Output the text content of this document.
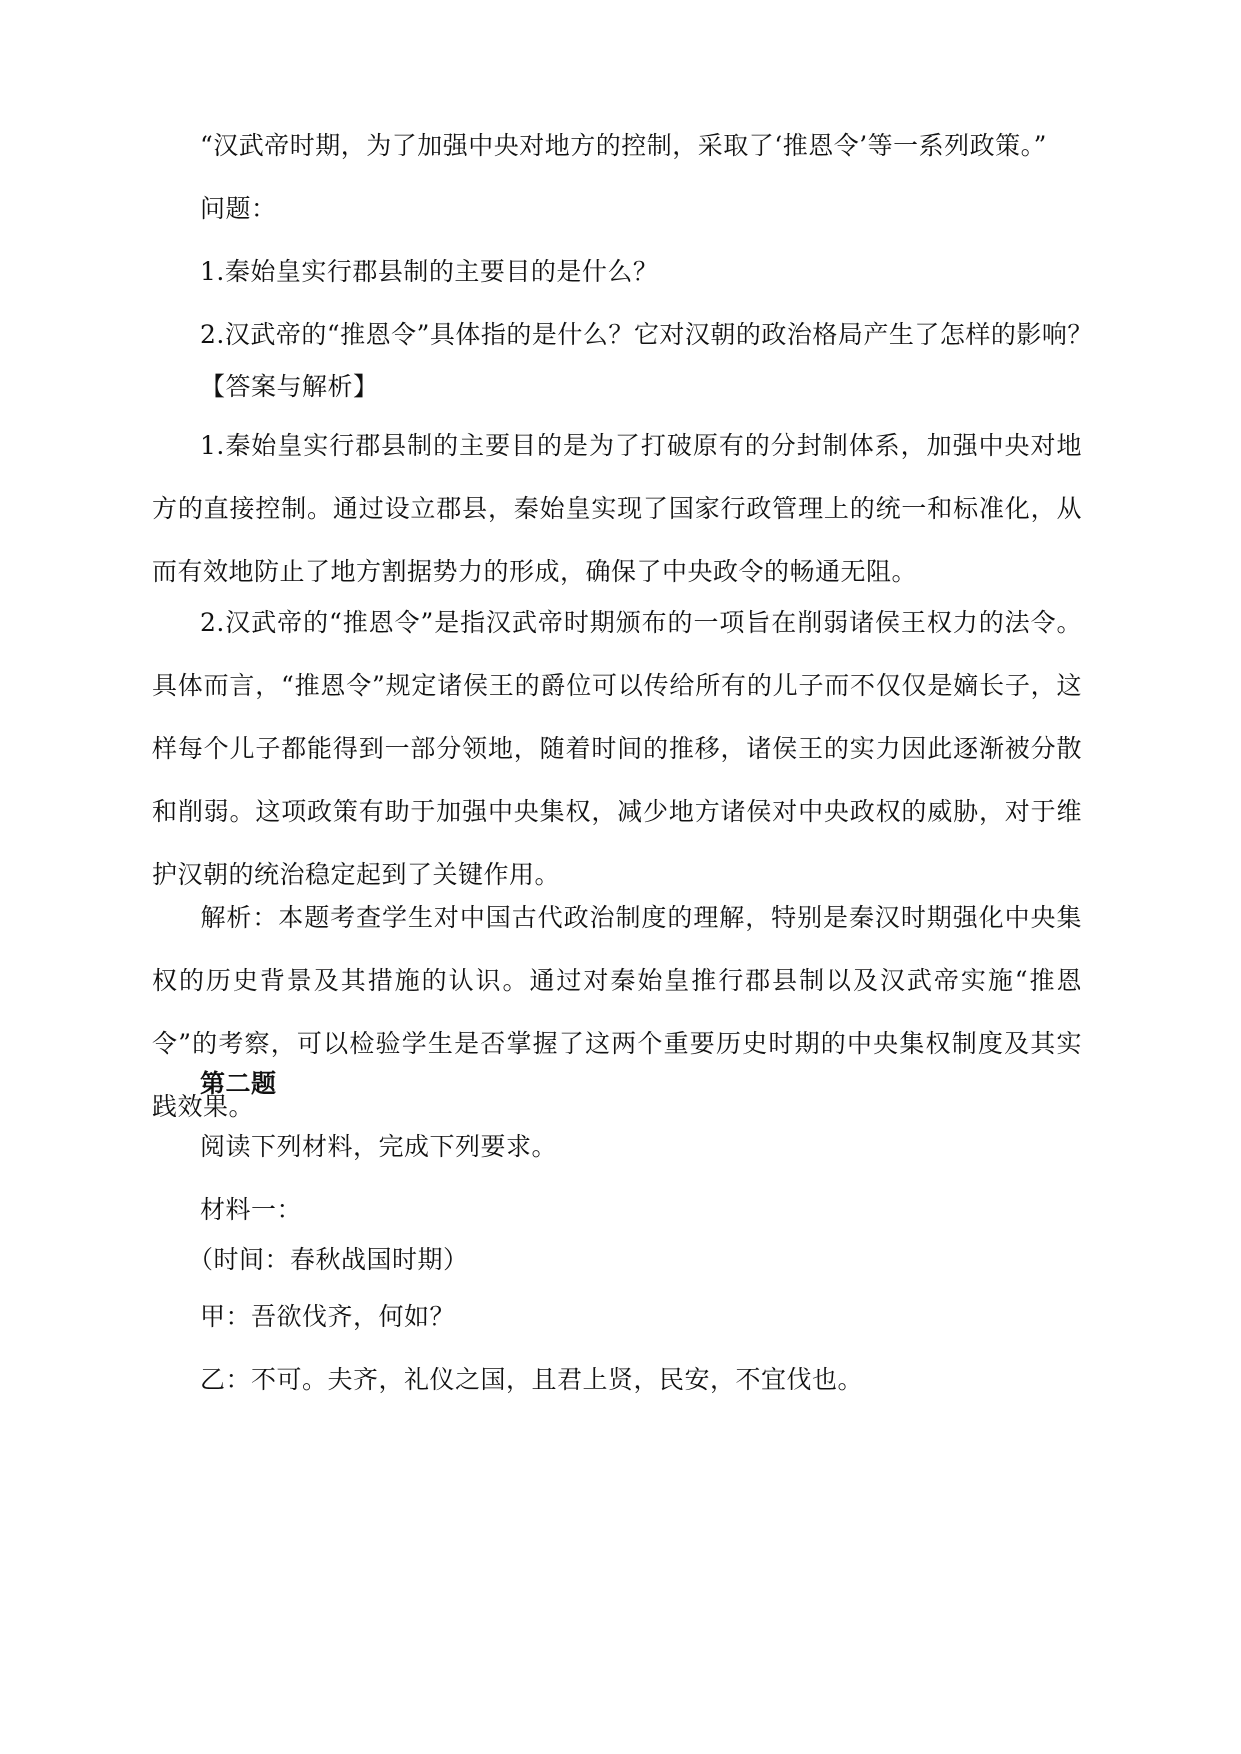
“汉武帝时期，为了加强中央对地方的控制，采取了‘推恩令’等一系列政策。”

问题：

1.秦始皇实行郡县制的主要目的是什么？

2.汉武帝的“推恩令”具体指的是什么？它对汉朝的政治格局产生了怎样的影响？

【答案与解析】

1.秦始皇实行郡县制的主要目的是为了打破原有的分封制体系，加强中央对地方的直接控制。通过设立郡县，秦始皇实现了国家行政管理上的统一和标准化，从而有效地防止了地方割据势力的形成，确保了中央政令的畅通无阻。

2.汉武帝的“推恩令”是指汉武帝时期颁布的一项旨在削弱诸侯王权力的法令。具体而言，“推恩令”规定诸侯王的爵位可以传给所有的儿子而不仅仅是嫡长子，这样每个儿子都能得到一部分领地，随着时间的推移，诸侯王的实力因此逐渐被分散和削弱。这项政策有助于加强中央集权，减少地方诸侯对中央政权的威胁，对于维护汉朝的统治稳定起到了关键作用。

解析：本题考查学生对中国古代政治制度的理解，特别是秦汉时期强化中央集权的历史背景及其措施的认识。通过对秦始皇推行郡县制以及汉武帝实施“推恩令”的考察，可以检验学生是否掌握了这两个重要历史时期的中央集权制度及其实践效果。

第二题

阅读下列材料，完成下列要求。

材料一：

（时间：春秋战国时期）

甲：吾欲伐齐，何如？

乙：不可。夫齐，礼仪之国，且君上贤，民安，不宜伐也。
